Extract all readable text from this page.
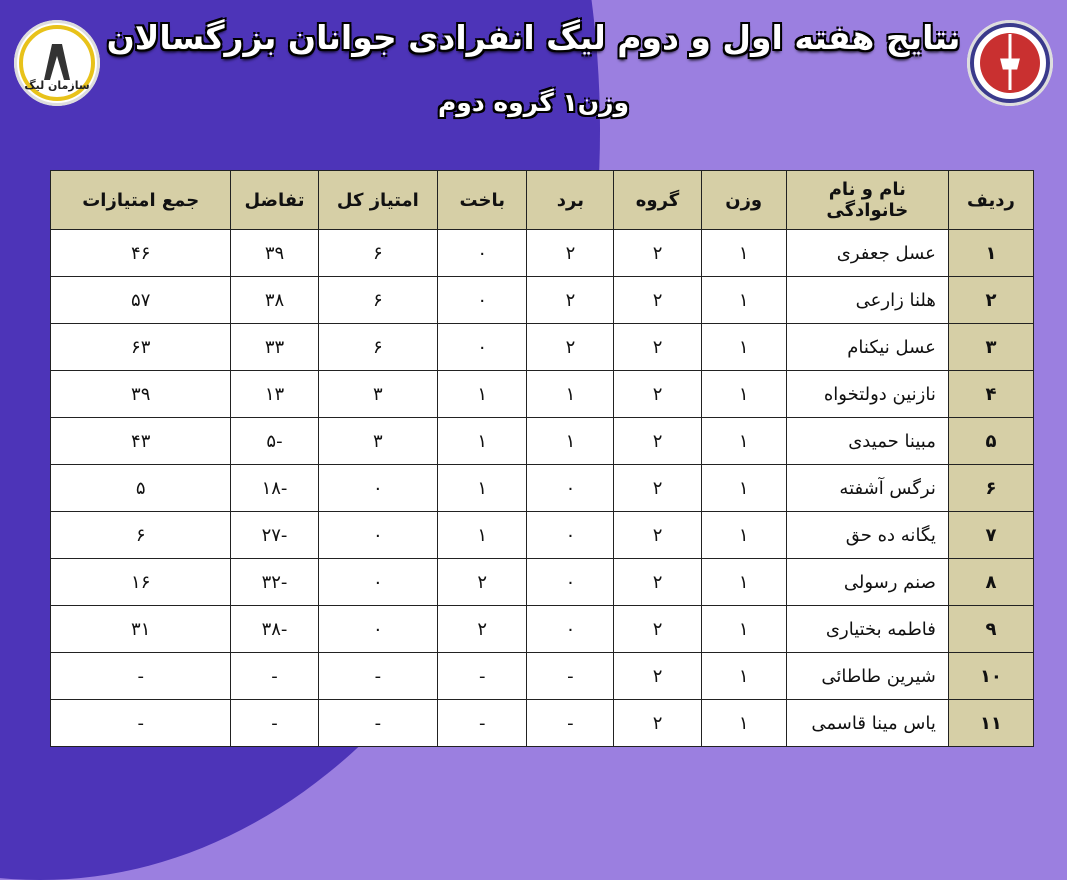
سازمان لیگ
نتایج هفته اول و دوم لیگ انفرادی جوانان بزرگسالان
وزن۱ گروه دوم
ردیف	نام و نام خانوادگی	وزن	گروه	برد	باخت	امتیاز کل	تفاضل	جمع امتیازات
۱	عسل جعفری	۱	۲	۲	۰	۶	۳۹	۴۶
۲	هلنا زارعی	۱	۲	۲	۰	۶	۳۸	۵۷
۳	عسل نیکنام	۱	۲	۲	۰	۶	۳۳	۶۳
۴	نازنین دولتخواه	۱	۲	۱	۱	۳	۱۳	۳۹
۵	مبینا حمیدی	۱	۲	۱	۱	۳	-۵	۴۳
۶	نرگس آشفته	۱	۲	۰	۱	۰	-۱۸	۵
۷	یگانه ده حق	۱	۲	۰	۱	۰	-۲۷	۶
۸	صنم رسولی	۱	۲	۰	۲	۰	-۳۲	۱۶
۹	فاطمه بختیاری	۱	۲	۰	۲	۰	-۳۸	۳۱
۱۰	شیرین طاطائی	۱	۲	-	-	-	-	-
۱۱	یاس مینا قاسمی	۱	۲	-	-	-	-	-
